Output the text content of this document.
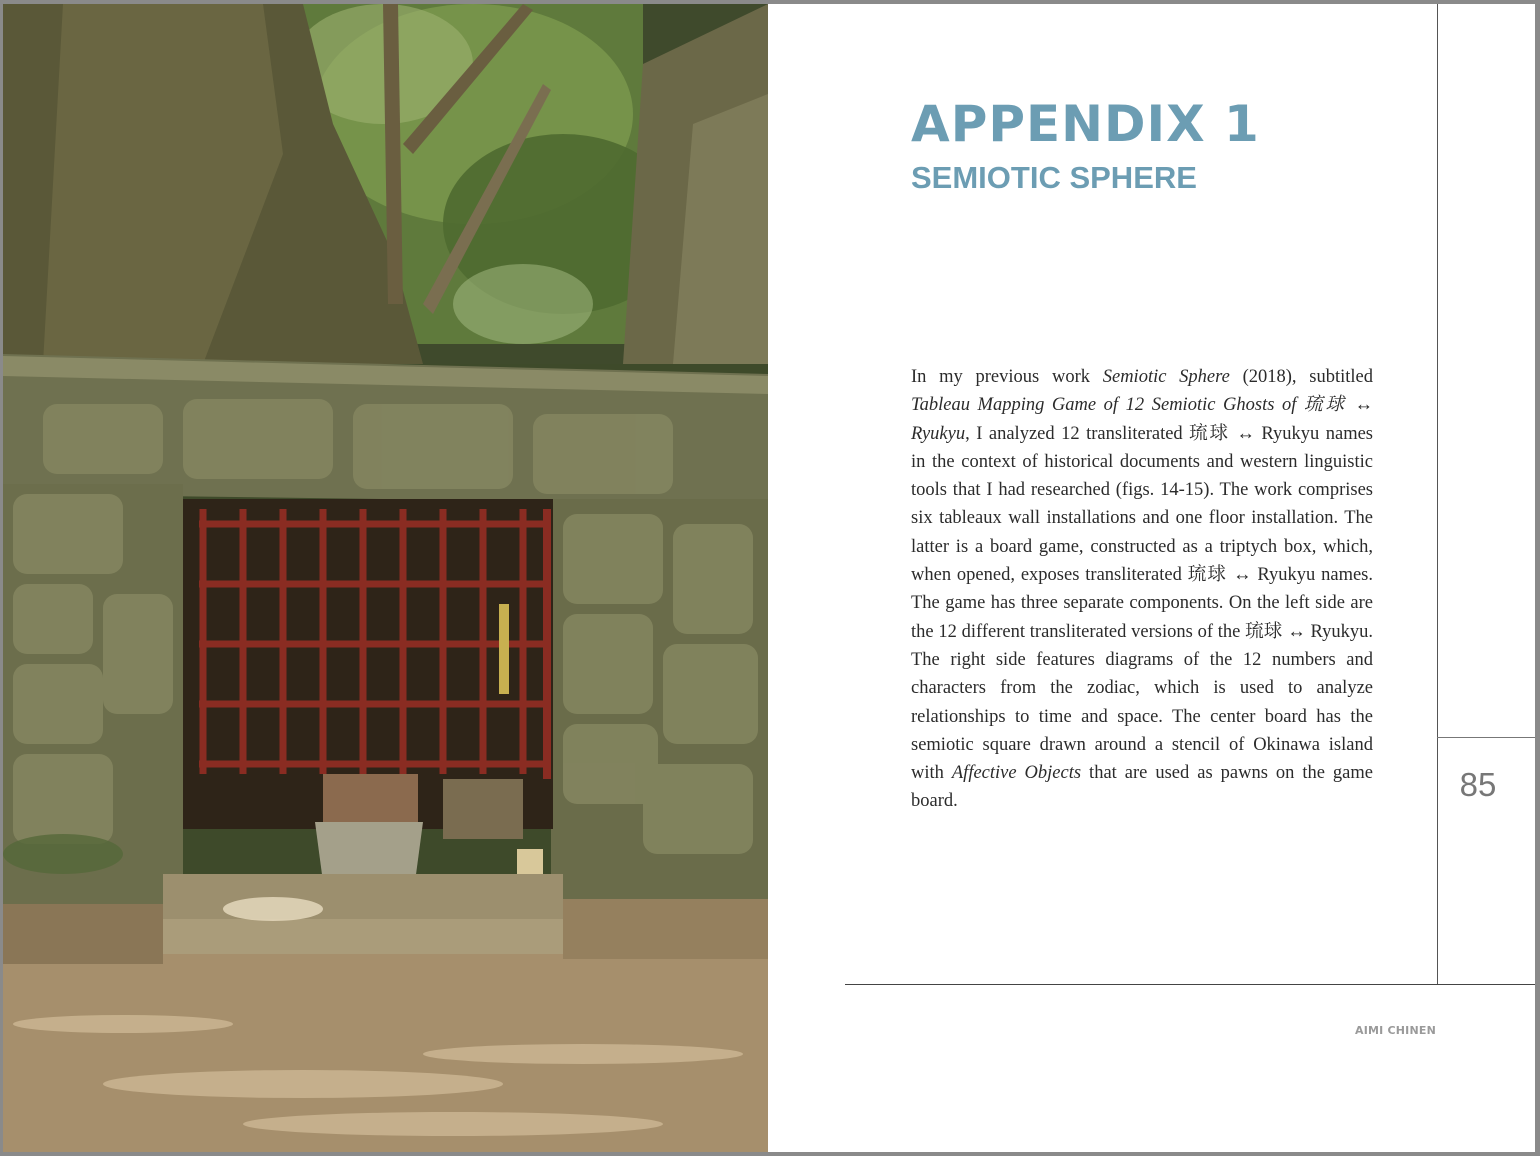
APPENDIX 1
SEMIOTIC SPHERE

In my previous work Semiotic Sphere (2018), subtitled Tableau Mapping Game of 12 Semiotic Ghosts of 琉球 ↔ Ryukyu, I analyzed 12 transliterated 琉球 ↔ Ryukyu names in the context of historical documents and western linguistic tools that I had researched (figs. 14-15). The work comprises six tableaux wall installations and one floor installation. The latter is a board game, constructed as a triptych box, which, when opened, exposes transliterated 琉球 ↔ Ryukyu names. The game has three separate components. On the left side are the 12 different transliterated versions of the 琉球 ↔ Ryukyu. The right side features diagrams of the 12 numbers and characters from the zodiac, which is used to analyze relationships to time and space. The center board has the semiotic square drawn around a stencil of Okinawa island with Affective Objects that are used as pawns on the game board.	85

AIMI CHINEN
